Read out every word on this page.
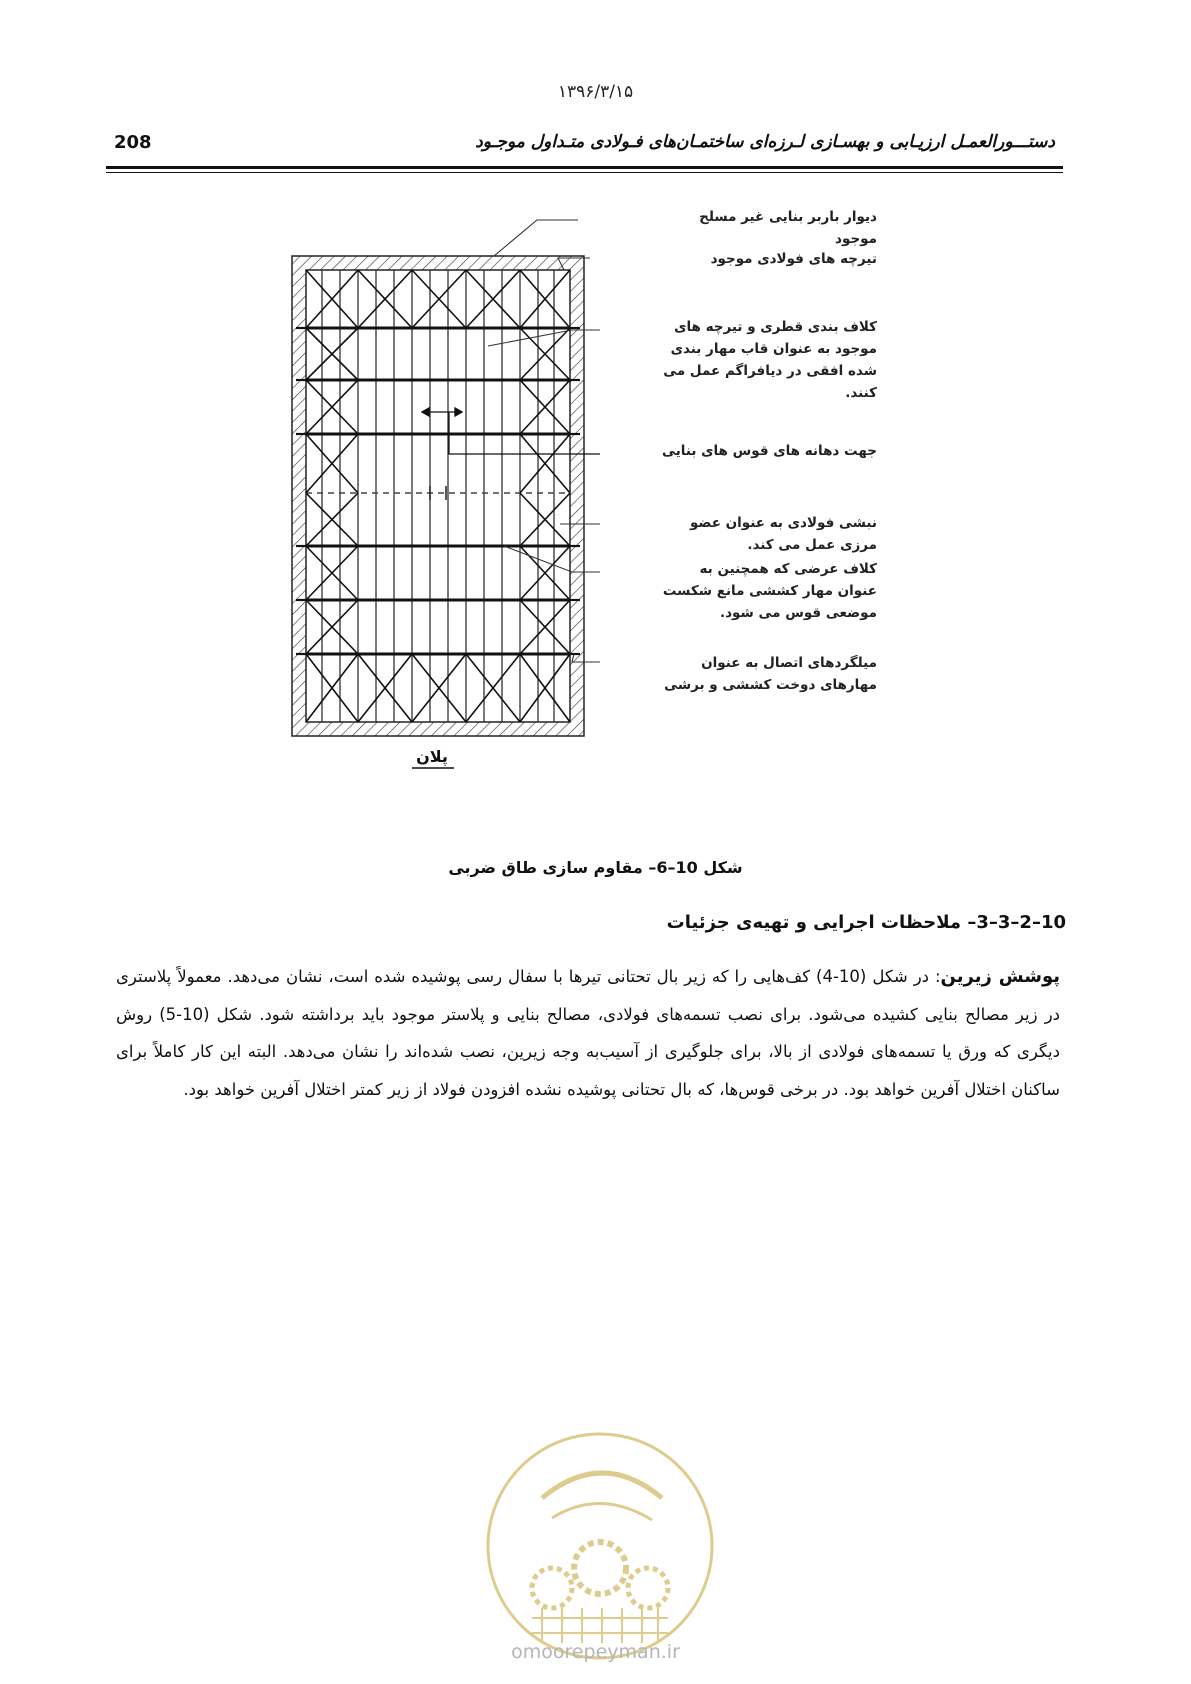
۱۳۹۶/۳/۱۵
208	دستـــورالعمـل ارزیـابی و بهسـازی لـرزه‌ای ساختمـان‌های فـولادی متـداول موجـود
پلان
دیوار باربر بنایی غیر مسلح موجود
تیرچه های فولادی موجود
کلاف بندی قطری و تیرچه های موجود به عنوان قاب مهار بندی شده افقی در دیافراگم عمل می کنند.
جهت دهانه های قوس های بنایی
نبشی فولادی به عنوان عضو مرزی عمل می کند.
کلاف عرضی که همچنین به عنوان مهار کششی مانع شکست موضعی قوس می شود.
میلگردهای اتصال به عنوان مهارهای دوخت کششی و برشی
شکل 10–6– مقاوم سازی طاق ضربی
10–2–3–3– ملاحظات اجرایی و تهیه‌ی جزئیات
پوشش زیرین: در شکل (10-4) کف‌هایی را که زیر بال تحتانی تیرها با سفال رسی پوشیده شده است، نشان می‌دهد. معمولاً پلاستری در زیر مصالح بنایی کشیده می‌شود. برای نصب تسمه‌های فولادی، مصالح بنایی و پلاستر موجود باید برداشته شود. شکل (10-5) روش دیگری که ورق یا تسمه‌های فولادی از بالا، برای جلوگیری از آسیب‌به وجه زیرین، نصب شده‌اند را نشان می‌دهد. البته این کار کاملاً برای ساکنان اختلال آفرین خواهد بود. در برخی قوس‌ها، که بال تحتانی پوشیده نشده افزودن فولاد از زیر کمتر اختلال آفرین خواهد بود.
omoorepeyman.ir
